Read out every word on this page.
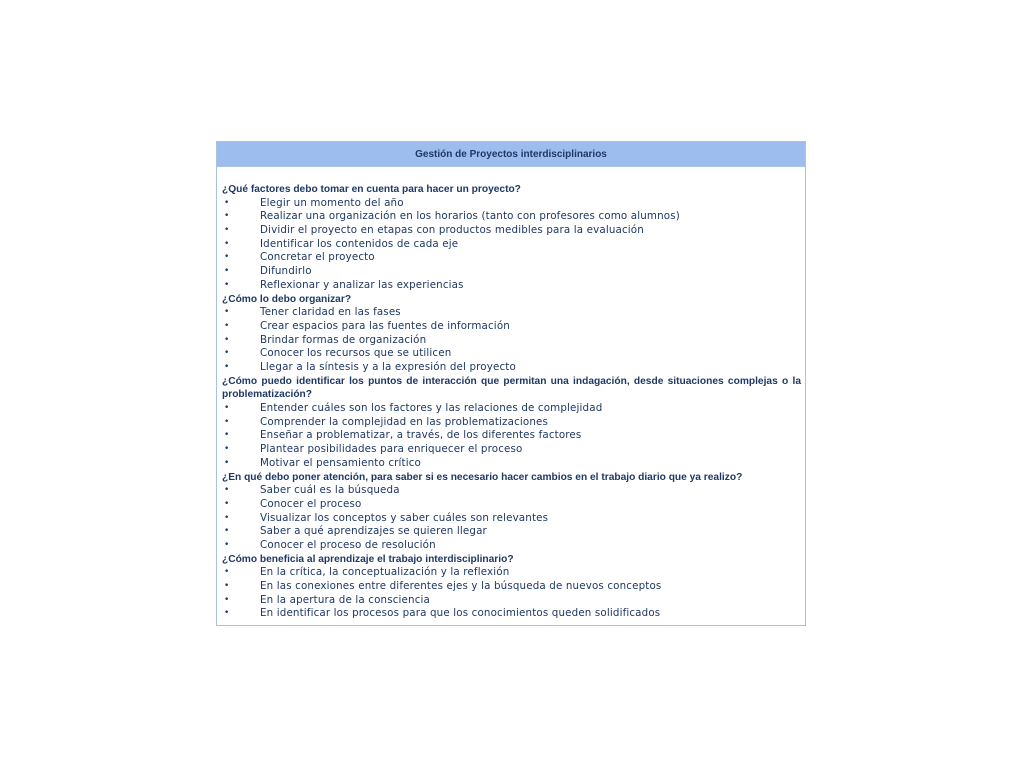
Gestión de Proyectos interdisciplinarios
¿Qué factores debo tomar en cuenta para hacer un proyecto?
•	Elegir un momento del año
•	Realizar una organización en los horarios (tanto con profesores como alumnos)
•	Dividir el proyecto en etapas con productos medibles para la evaluación
•	Identificar los contenidos de cada eje
•	Concretar el proyecto
•	Difundirlo
•	Reflexionar y analizar las experiencias
¿Cómo lo debo organizar?
•	Tener claridad en las fases
•	Crear espacios para las fuentes de información
•	Brindar formas de organización
•	Conocer los recursos que se utilicen
•	Llegar a la síntesis y a la expresión del proyecto
¿Cómo puedo identificar los puntos de interacción que permitan una indagación, desde situaciones complejas o la problematización?
•	Entender cuáles son los factores y las relaciones de complejidad
•	Comprender la complejidad en las problematizaciones
•	Enseñar a problematizar, a través, de los diferentes factores
•	Plantear posibilidades para enriquecer el proceso
•	Motivar el pensamiento crítico
¿En qué debo poner atención, para saber si es necesario hacer cambios en el trabajo diario que ya realizo?
•	Saber cuál es la búsqueda
•	Conocer el proceso
•	Visualizar los conceptos y saber cuáles son relevantes
•	Saber a qué aprendizajes se quieren llegar
•	Conocer el proceso de resolución
¿Cómo beneficia al aprendizaje el trabajo interdisciplinario?
•	En la crítica, la conceptualización y la reflexión
•	En las conexiones entre diferentes ejes y la búsqueda de nuevos conceptos
•	En la apertura de la consciencia
•	En identificar los procesos para que los conocimientos queden solidificados
